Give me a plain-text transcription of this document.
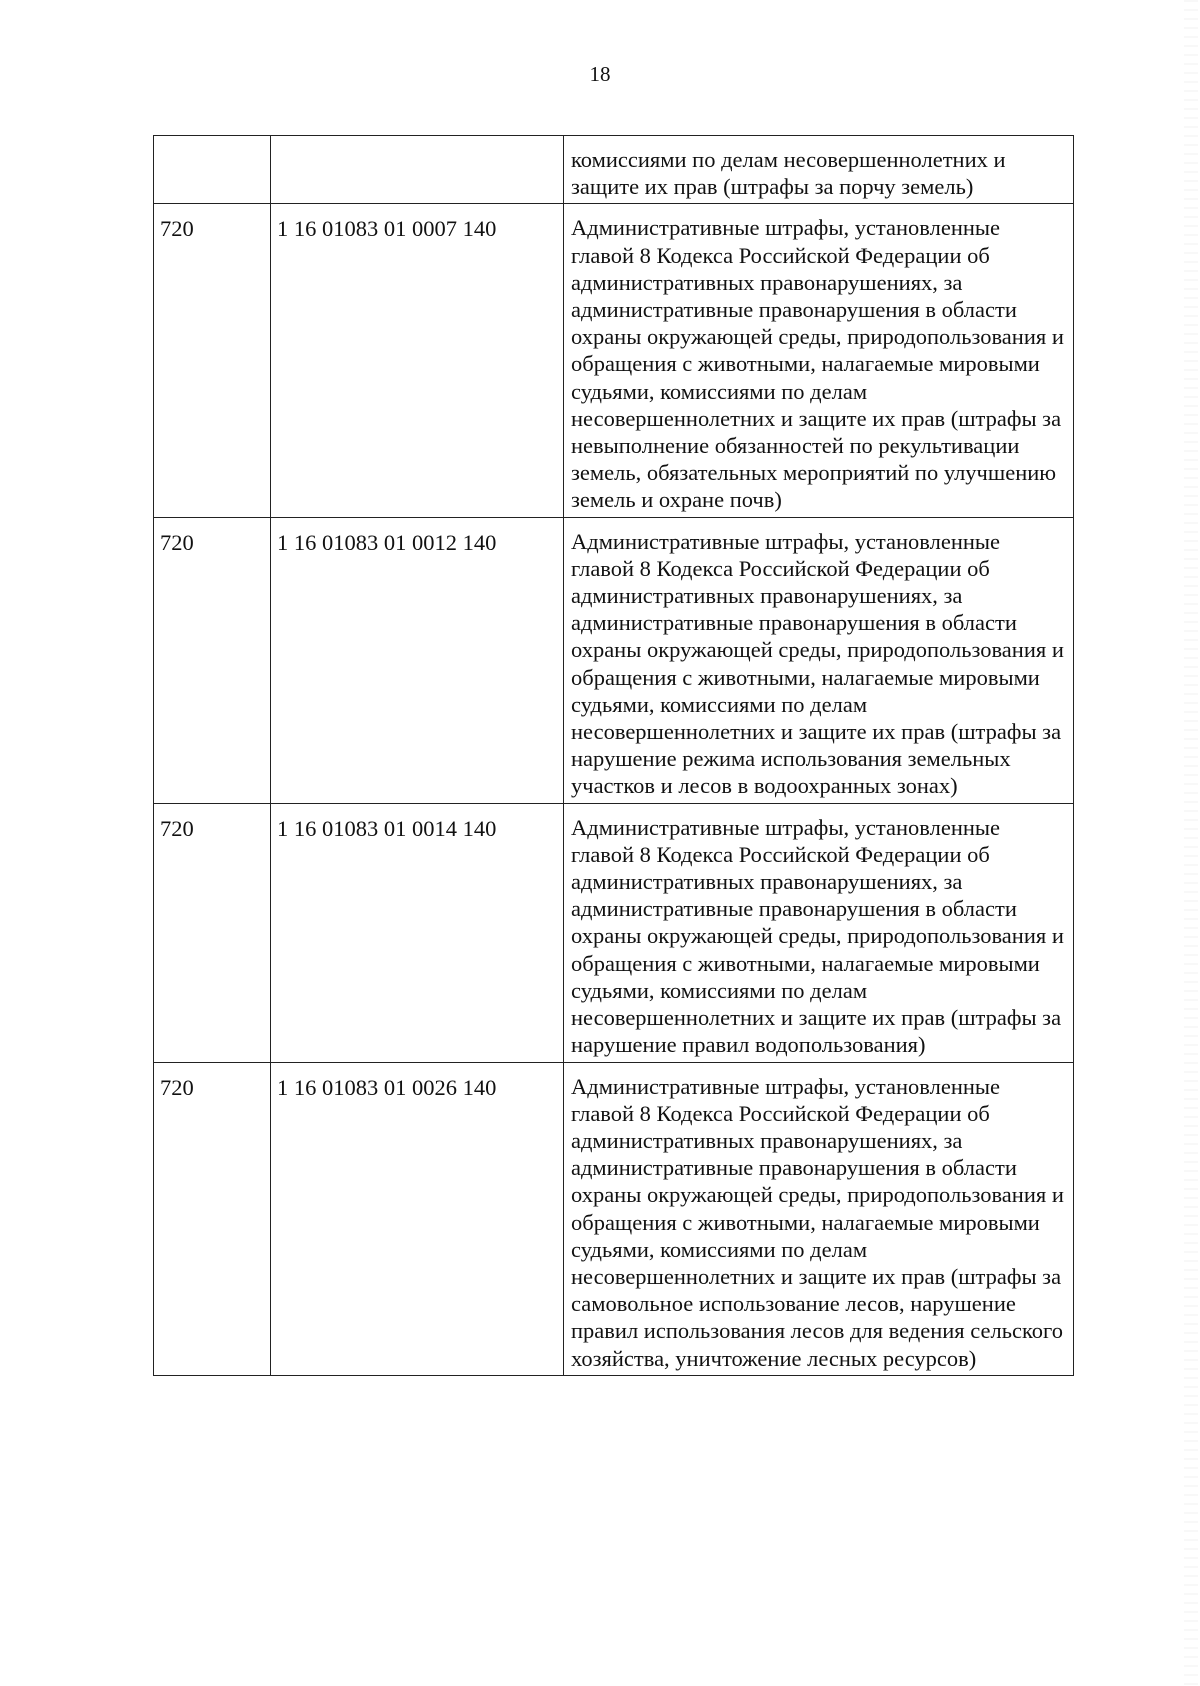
18

		комиссиями по делам несовершеннолетних и защите их прав (штрафы за порчу земель)

720	1 16 01083 01 0007 140	Административные штрафы, установленные главой 8 Кодекса Российской Федерации об административных правонарушениях, за административные правонарушения в области охраны окружающей среды, природопользования и обращения с животными, налагаемые мировыми судьями, комиссиями по делам несовершеннолетних и защите их прав (штрафы за невыполнение обязанностей по рекультивации земель, обязательных мероприятий по улучшению земель и охране почв)

720	1 16 01083 01 0012 140	Административные штрафы, установленные главой 8 Кодекса Российской Федерации об административных правонарушениях, за административные правонарушения в области охраны окружающей среды, природопользования и обращения с животными, налагаемые мировыми судьями, комиссиями по делам несовершеннолетних и защите их прав (штрафы за нарушение режима использования земельных участков и лесов в водоохранных зонах)

720	1 16 01083 01 0014 140	Административные штрафы, установленные главой 8 Кодекса Российской Федерации об административных правонарушениях, за административные правонарушения в области охраны окружающей среды, природопользования и обращения с животными, налагаемые мировыми судьями, комиссиями по делам несовершеннолетних и защите их прав (штрафы за нарушение правил водопользования)

720	1 16 01083 01 0026 140	Административные штрафы, установленные главой 8 Кодекса Российской Федерации об административных правонарушениях, за административные правонарушения в области охраны окружающей среды, природопользования и обращения с животными, налагаемые мировыми судьями, комиссиями по делам несовершеннолетних и защите их прав (штрафы за самовольное использование лесов, нарушение правил использования лесов для ведения сельского хозяйства, уничтожение лесных ресурсов)
